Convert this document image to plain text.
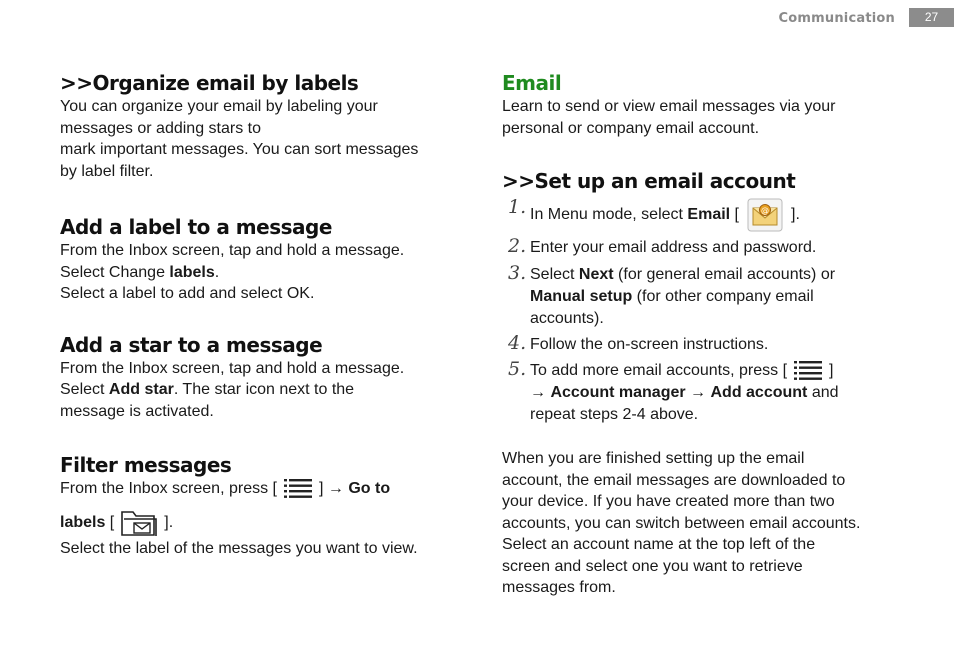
Communication	27
>>Organize email by labels

You can organize your email by labeling your
messages or adding stars to
mark important messages. You can sort messages
by label filter.

Add a label to a message

From the Inbox screen, tap and hold a message.
Select Change labels.
Select a label to add and select OK.

Add a star to a message

From the Inbox screen, tap and hold a message.
Select Add star. The star icon next to the
message is activated.

Filter messages

From the Inbox screen, press [	] → Go to
labels [	].
Select the label of the messages you want to view.

Email

Learn to send or view email messages via your
personal or company email account.

>>Set up an email account
1. In Menu mode, select Email [	@ ].
2. Enter your email address and password.
3. Select Next (for general email accounts) or
Manual setup (for other company email
accounts).
4. Follow the on-screen instructions.
5. To add more email accounts, press [	]
→ Account manager → Add account and
repeat steps 2-4 above.

When you are finished setting up the email
account, the email messages are downloaded to
your device. If you have created more than two
accounts, you can switch between email accounts.
Select an account name at the top left of the
screen and select one you want to retrieve
messages from.
